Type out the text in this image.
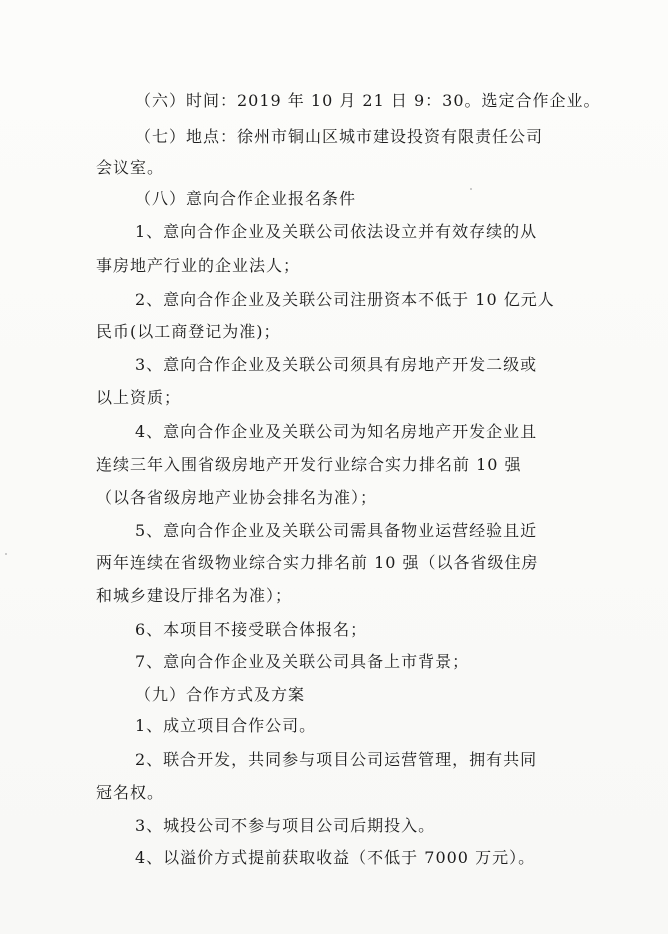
（六）时间：2019 年 10 月 21 日 9：30。选定合作企业。
（七）地点：徐州市铜山区城市建设投资有限责任公司
会议室。
（八）意向合作企业报名条件
1、意向合作企业及关联公司依法设立并有效存续的从
事房地产行业的企业法人；
2、意向合作企业及关联公司注册资本不低于 10 亿元人
民币(以工商登记为准)；
3、意向合作企业及关联公司须具有房地产开发二级或
以上资质；
4、意向合作企业及关联公司为知名房地产开发企业且
连续三年入围省级房地产开发行业综合实力排名前 10 强
（以各省级房地产业协会排名为准）；
5、意向合作企业及关联公司需具备物业运营经验且近
两年连续在省级物业综合实力排名前 10 强（以各省级住房
和城乡建设厅排名为准）；
6、本项目不接受联合体报名；
7、意向合作企业及关联公司具备上市背景；
（九）合作方式及方案
1、成立项目合作公司。
2、联合开发，共同参与项目公司运营管理，拥有共同
冠名权。
3、城投公司不参与项目公司后期投入。
4、以溢价方式提前获取收益（不低于 7000 万元）。
